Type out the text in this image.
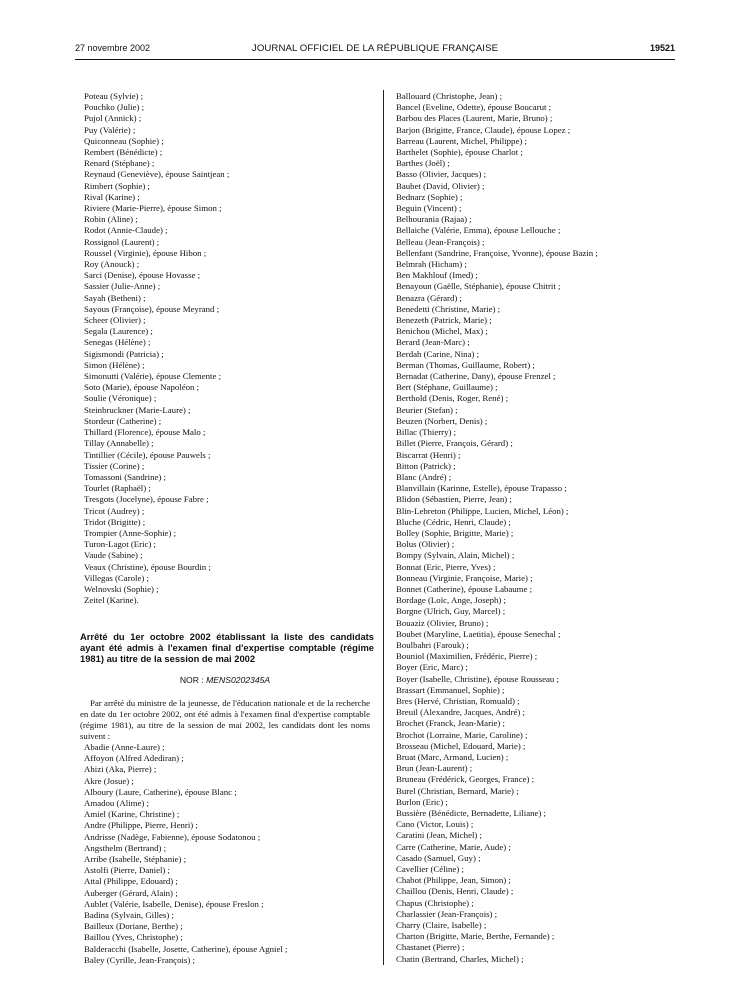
27 novembre 2002	JOURNAL OFFICIEL DE LA RÉPUBLIQUE FRANÇAISE	19521
Poteau (Sylvie) ;
Pouchko (Julie) ;
Pujol (Annick) ;
Puy (Valérie) ;
Quiconneau (Sophie) ;
Rembert (Bénédicte) ;
Renard (Stéphane) ;
Reynaud (Geneviève), épouse Saintjean ;
Rimbert (Sophie) ;
Rival (Karine) ;
Riviere (Marie-Pierre), épouse Simon ;
Robin (Aline) ;
Rodot (Annie-Claude) ;
Rossignol (Laurent) ;
Roussel (Virginie), épouse Hibon ;
Roy (Anouck) ;
Sarci (Denise), épouse Hovasse ;
Sassier (Julie-Anne) ;
Sayah (Betheni) ;
Sayous (Françoise), épouse Meyrand ;
Scheer (Olivier) ;
Segala (Laurence) ;
Senegas (Hélène) ;
Sigismondi (Patricia) ;
Simon (Hélène) ;
Simonutti (Valérie), épouse Clemente ;
Soto (Marie), épouse Napoléon ;
Soulie (Véronique) ;
Steinbruckner (Marie-Laure) ;
Stordeur (Catherine) ;
Thillard (Florence), épouse Malo ;
Tillay (Annabelle) ;
Tintillier (Cécile), épouse Pauwels ;
Tissier (Corine) ;
Tomassoni (Sandrine) ;
Tourlet (Raphaël) ;
Tresgots (Jocelyne), épouse Fabre ;
Tricot (Audrey) ;
Tridot (Brigitte) ;
Trompier (Anne-Sophie) ;
Turon-Lagot (Eric) ;
Vaude (Sabine) ;
Veaux (Christine), épouse Bourdin ;
Villegas (Carole) ;
Welnovski (Sophie) ;
Zeitel (Karine).
Arrêté du 1er octobre 2002 établissant la liste des candidats ayant été admis à l'examen final d'expertise comptable (régime 1981) au titre de la session de mai 2002
NOR : MENS0202345A
Par arrêté du ministre de la jeunesse, de l'éducation nationale et de la recherche en date du 1er octobre 2002, ont été admis à l'examen final d'expertise comptable (régime 1981), au titre de la session de mai 2002, les candidats dont les noms suivent :
Abadie (Anne-Laure) ;
Affoyon (Alfred Adediran) ;
Ahizi (Aka, Pierre) ;
Akre (Josue) ;
Alboury (Laure, Catherine), épouse Blanc ;
Amadou (Alime) ;
Amiel (Karine, Christine) ;
Andre (Philippe, Pierre, Henri) ;
Andrisse (Nadège, Fabienne), épouse Sodatonou ;
Angsthelm (Bertrand) ;
Arribe (Isabelle, Stéphanie) ;
Astolfi (Pierre, Daniel) ;
Attal (Philippe, Edouard) ;
Auberger (Gérard, Alain) ;
Aublet (Valérie, Isabelle, Denise), épouse Freslon ;
Badina (Sylvain, Gilles) ;
Bailleux (Doriane, Berthe) ;
Baillou (Yves, Christophe) ;
Balderacchi (Isabelle, Josette, Catherine), épouse Agniel ;
Baley (Cyrille, Jean-François) ;
Ballouard (Christophe, Jean) ;
Bancel (Eveline, Odette), épouse Boucarut ;
Barbou des Places (Laurent, Marie, Bruno) ;
Barjon (Brigitte, France, Claude), épouse Lopez ;
Barreau (Laurent, Michel, Philippe) ;
Barthelet (Sophie), épouse Charlot ;
Barthes (Joël) ;
Basso (Olivier, Jacques) ;
Baubet (David, Olivier) ;
Bednarz (Sophie) ;
Beguin (Vincent) ;
Belhourania (Rajaa) ;
Bellaiche (Valérie, Emma), épouse Lellouche ;
Belleau (Jean-François) ;
Bellenfant (Sandrine, Françoise, Yvonne), épouse Bazin ;
Belmrah (Hicham) ;
Ben Makhlouf (Imed) ;
Benayoun (Gaëlle, Stéphanie), épouse Chitrit ;
Benazra (Gérard) ;
Benedetti (Christine, Marie) ;
Benezeth (Patrick, Marie) ;
Benichou (Michel, Max) ;
Berard (Jean-Marc) ;
Berdah (Carine, Nina) ;
Berman (Thomas, Guillaume, Robert) ;
Bernadat (Catherine, Dany), épouse Frenzel ;
Bert (Stéphane, Guillaume) ;
Berthold (Denis, Roger, René) ;
Beurier (Stefan) ;
Beuzen (Norbert, Denis) ;
Billac (Thierry) ;
Billet (Pierre, François, Gérard) ;
Biscarrat (Henri) ;
Bitton (Patrick) ;
Blanc (André) ;
Blanvillain (Karinne, Estelle), épouse Trapasso ;
Blidon (Sébastien, Pierre, Jean) ;
Blin-Lebreton (Philippe, Lucien, Michel, Léon) ;
Bluche (Cédric, Henri, Claude) ;
Bolley (Sophie, Brigitte, Marie) ;
Bolus (Olivier) ;
Bompy (Sylvain, Alain, Michel) ;
Bonnat (Eric, Pierre, Yves) ;
Bonneau (Virginie, Françoise, Marie) ;
Bonnet (Catherine), épouse Labaume ;
Bordage (Loïc, Ange, Joseph) ;
Borgne (Ulrich, Guy, Marcel) ;
Bouaziz (Olivier, Bruno) ;
Boubet (Maryline, Laetitia), épouse Senechal ;
Boulbahri (Farouk) ;
Bouniol (Maximilien, Frédéric, Pierre) ;
Boyer (Eric, Marc) ;
Boyer (Isabelle, Christine), épouse Rousseau ;
Brassart (Emmanuel, Sophie) ;
Bres (Hervé, Christian, Romuald) ;
Breuil (Alexandre, Jacques, André) ;
Brochet (Franck, Jean-Marie) ;
Brochot (Lorraine, Marie, Caroline) ;
Brosseau (Michel, Edouard, Marie) ;
Bruat (Marc, Armand, Lucien) ;
Brun (Jean-Laurent) ;
Bruneau (Frédérick, Georges, France) ;
Burel (Christian, Bernard, Marie) ;
Burlon (Eric) ;
Bussière (Bénédicte, Bernadette, Liliane) ;
Cano (Victor, Louis) ;
Caratini (Jean, Michel) ;
Carre (Catherine, Marie, Aude) ;
Casado (Samuel, Guy) ;
Cavellier (Céline) ;
Chabot (Philippe, Jean, Simon) ;
Chaillou (Denis, Henri, Claude) ;
Chapus (Christophe) ;
Charlassier (Jean-François) ;
Charry (Claire, Isabelle) ;
Charton (Brigitte, Marie, Berthe, Fernande) ;
Chastanet (Pierre) ;
Chatin (Bertrand, Charles, Michel) ;
